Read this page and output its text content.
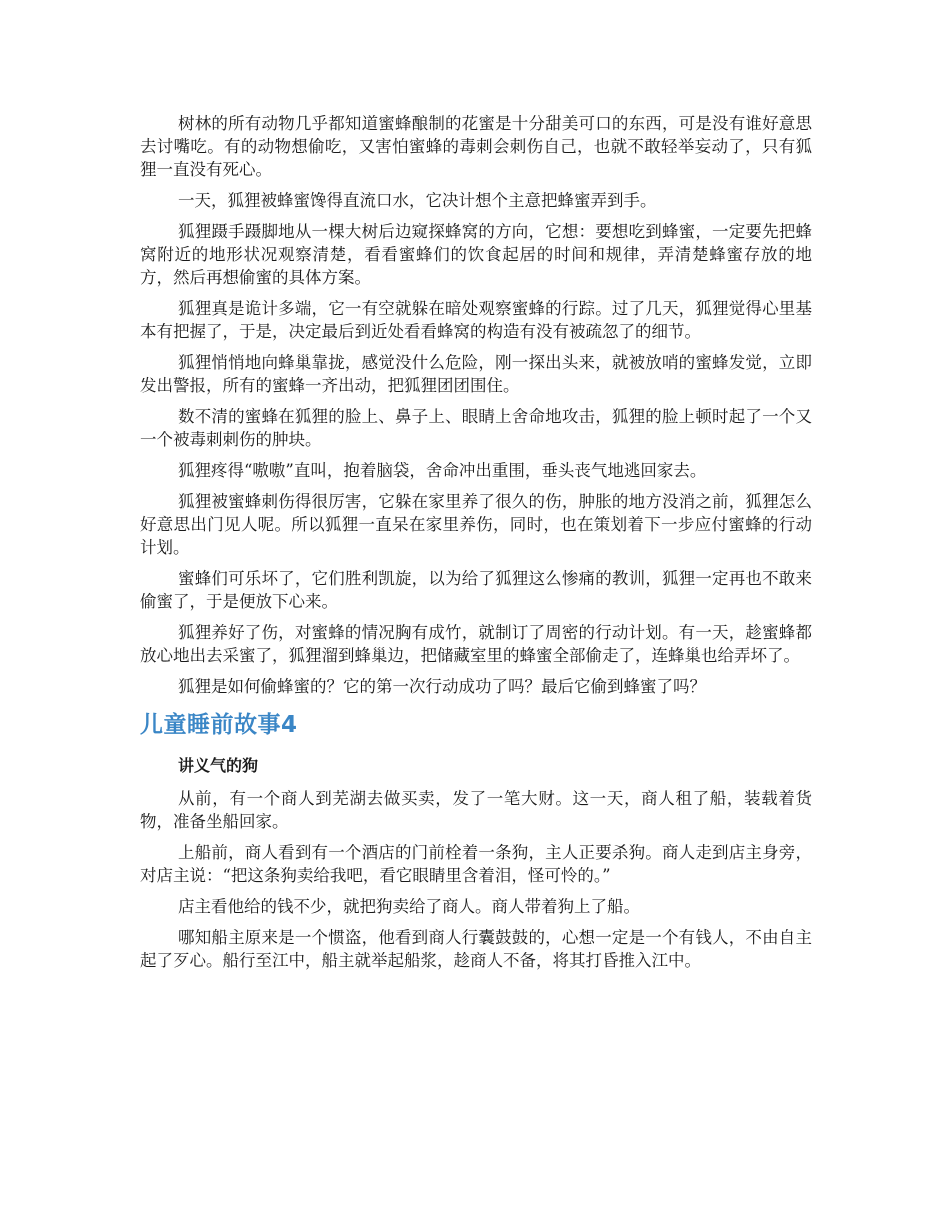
树林的所有动物几乎都知道蜜蜂酿制的花蜜是十分甜美可口的东西，可是没有谁好意思去讨嘴吃。有的动物想偷吃，又害怕蜜蜂的毒刺会刺伤自己，也就不敢轻举妄动了，只有狐狸一直没有死心。

一天，狐狸被蜂蜜馋得直流口水，它决计想个主意把蜂蜜弄到手。

狐狸蹑手蹑脚地从一棵大树后边窥探蜂窝的方向，它想：要想吃到蜂蜜，一定要先把蜂窝附近的地形状况观察清楚，看看蜜蜂们的饮食起居的时间和规律，弄清楚蜂蜜存放的地方，然后再想偷蜜的具体方案。

狐狸真是诡计多端，它一有空就躲在暗处观察蜜蜂的行踪。过了几天，狐狸觉得心里基本有把握了，于是，决定最后到近处看看蜂窝的构造有没有被疏忽了的细节。

狐狸悄悄地向蜂巢靠拢，感觉没什么危险，刚一探出头来，就被放哨的蜜蜂发觉，立即发出警报，所有的蜜蜂一齐出动，把狐狸团团围住。

数不清的蜜蜂在狐狸的脸上、鼻子上、眼睛上舍命地攻击，狐狸的脸上顿时起了一个又一个被毒刺刺伤的肿块。

狐狸疼得“嗷嗷”直叫，抱着脑袋，舍命冲出重围，垂头丧气地逃回家去。

狐狸被蜜蜂刺伤得很厉害，它躲在家里养了很久的伤，肿胀的地方没消之前，狐狸怎么好意思出门见人呢。所以狐狸一直呆在家里养伤，同时，也在策划着下一步应付蜜蜂的行动计划。

蜜蜂们可乐坏了，它们胜利凯旋，以为给了狐狸这么惨痛的教训，狐狸一定再也不敢来偷蜜了，于是便放下心来。

狐狸养好了伤，对蜜蜂的情况胸有成竹，就制订了周密的行动计划。有一天，趁蜜蜂都放心地出去采蜜了，狐狸溜到蜂巢边，把储藏室里的蜂蜜全部偷走了，连蜂巢也给弄坏了。

狐狸是如何偷蜂蜜的？它的第一次行动成功了吗？最后它偷到蜂蜜了吗？

儿童睡前故事4
讲义气的狗

从前，有一个商人到芜湖去做买卖，发了一笔大财。这一天，商人租了船，装载着货物，准备坐船回家。

上船前，商人看到有一个酒店的门前栓着一条狗，主人正要杀狗。商人走到店主身旁，对店主说：“把这条狗卖给我吧，看它眼睛里含着泪，怪可怜的。”

店主看他给的钱不少，就把狗卖给了商人。商人带着狗上了船。

哪知船主原来是一个惯盗，他看到商人行囊鼓鼓的，心想一定是一个有钱人，不由自主起了歹心。船行至江中，船主就举起船浆，趁商人不备，将其打昏推入江中。
